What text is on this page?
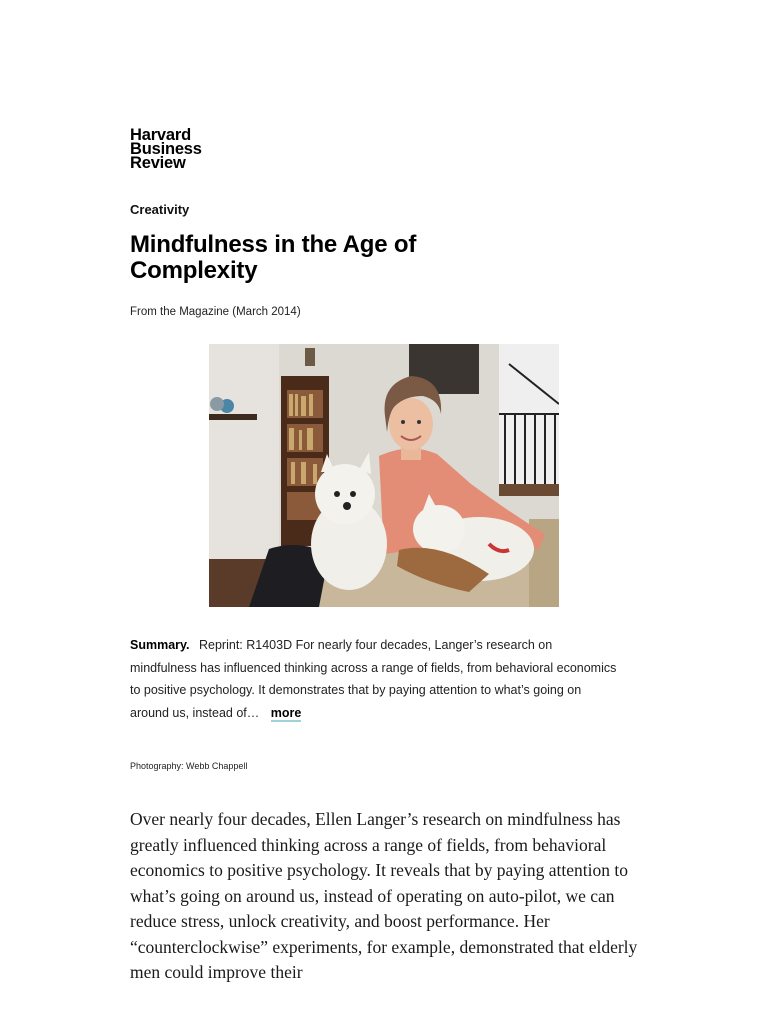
Harvard
Business
Review
Creativity
Mindfulness in the Age of Complexity
From the Magazine (March 2014)
Summary. Reprint: R1403D For nearly four decades, Langer’s research on mindfulness has influenced thinking across a range of fields, from behavioral economics to positive psychology. It demonstrates that by paying attention to what’s going on around us, instead of… more
Photography: Webb Chappell

Over nearly four decades, Ellen Langer’s research on mindfulness has greatly influenced thinking across a range of fields, from behavioral economics to positive psychology. It reveals that by paying attention to what’s going on around us, instead of operating on auto-pilot, we can reduce stress, unlock creativity, and boost performance. Her “counterclockwise” experiments, for example, demonstrated that elderly men could improve their
